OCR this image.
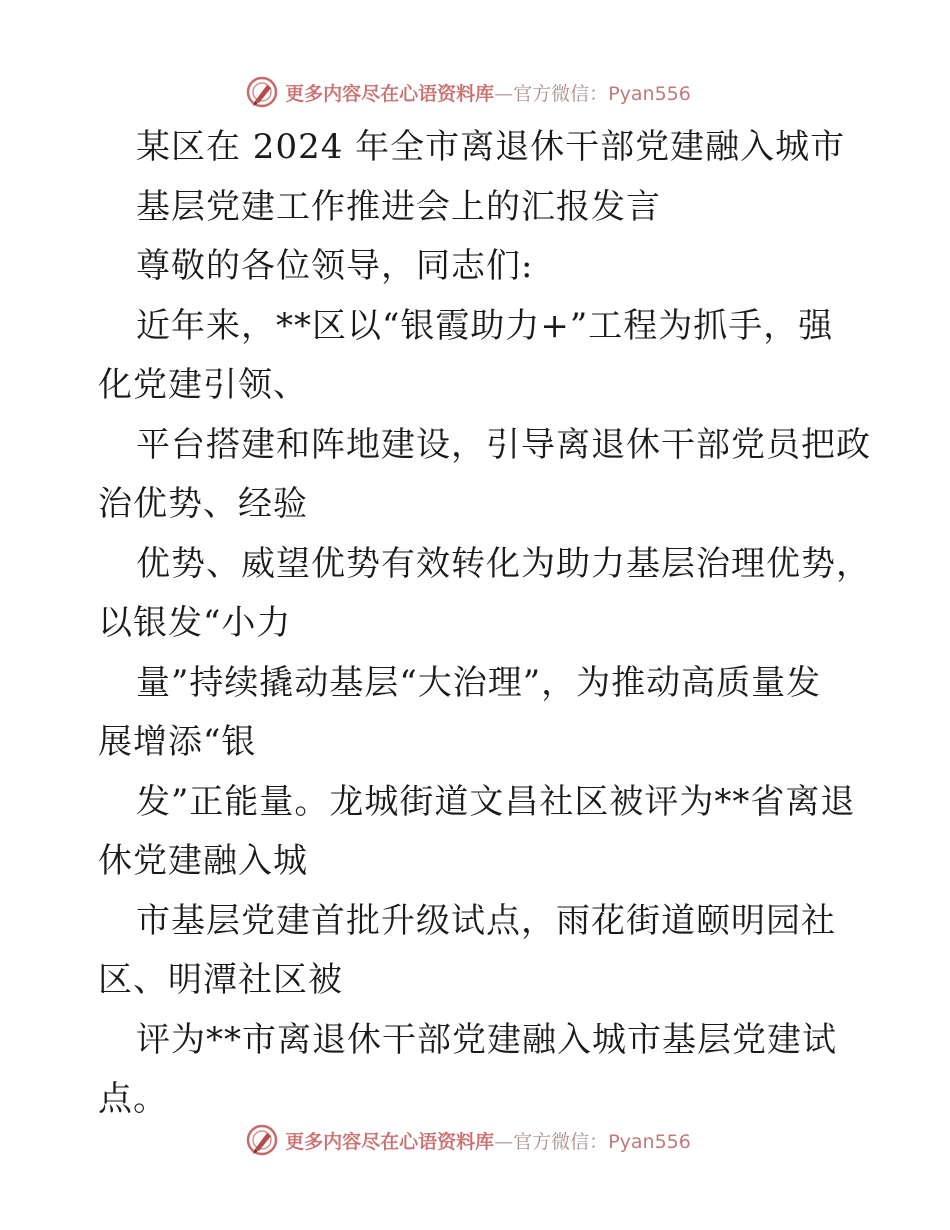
更多内容尽在心语资料库—官方微信：Pyan556
某区在 2024 年全市离退休干部党建融入城市
基层党建工作推进会上的汇报发言
尊敬的各位领导，同志们:
近年来，**区以“银霞助力+”工程为抓手，强
化党建引领、
平台搭建和阵地建设，引导离退休干部党员把政
治优势、经验
优势、威望优势有效转化为助力基层治理优势，
以银发“小力
量”持续撬动基层“大治理”，为推动高质量发
展增添“银
发”正能量。龙城街道文昌社区被评为**省离退
休党建融入城
市基层党建首批升级试点，雨花街道颐明园社
区、明潭社区被
评为**市离退休干部党建融入城市基层党建试
点。
更多内容尽在心语资料库—官方微信：Pyan556
